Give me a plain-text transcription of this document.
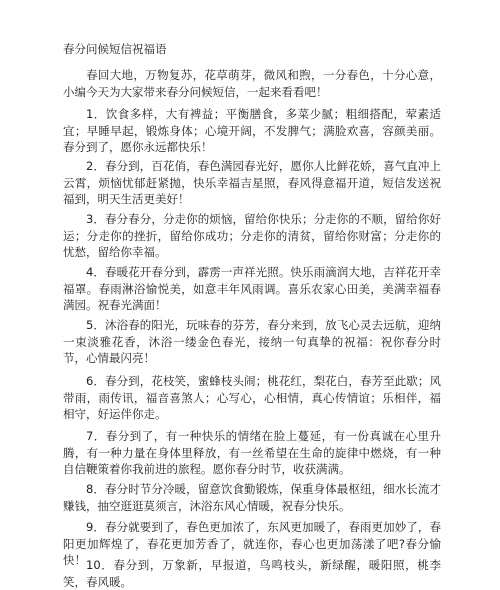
春分问候短信祝福语

春回大地，万物复苏，花草萌芽，微风和煦，一分春色，十分心意，小编今天为大家带来春分问候短信，一起来看看吧！

1．饮食多样，大有裨益；平衡膳食，多菜少腻；粗细搭配，荤素适宜；早睡早起，锻炼身体；心境开阔，不发脾气；满脸欢喜，容颜美丽。春分到了，愿你永远都快乐！

2．春分到，百花俏，春色满园春光好，愿你人比鲜花娇，喜气直冲上云霄，烦恼忧郁赶紧抛，快乐幸福吉星照，春风得意福开道，短信发送祝福到，明天生活更美好！

3．春分春分，分走你的烦恼，留给你快乐；分走你的不顺，留给你好运；分走你的挫折，留给你成功；分走你的清贫，留给你财富；分走你的忧愁，留给你幸福。

4．春暖花开春分到，霹雳一声祥光照。快乐雨滴润大地，吉祥花开幸福罩。春雨淋浴愉悦美，如意丰年风雨调。喜乐农家心田美，美满幸福春满园。祝春光满面！

5．沐浴春的阳光，玩味春的芬芳，春分来到，放飞心灵去远航，迎纳一束淡雅花香，沐浴一缕金色春光，接纳一句真挚的祝福：祝你春分时节，心情最闪亮！

6．春分到，花枝笑，蜜蜂枝头闹；桃花红，梨花白，春芳至此歇；风带雨，雨传讯，福音喜煞人；心写心，心相情，真心传情谊；乐相伴，福相守，好运伴你走。

7．春分到了，有一种快乐的情绪在脸上蔓延，有一份真诚在心里升腾，有一种力量在身体里释放，有一丝希望在生命的旋律中燃烧，有一种自信鞭策着你我前进的旅程。愿你春分时节，收获满满。

8．春分时节分冷暖，留意饮食勤锻炼，保重身体最枢纽，细水长流才赚钱，抽空逛逛莫须言，沐浴东风心情暖，祝春分快乐。

9．春分就要到了，春色更加浓了，东风更加暖了，春雨更加妙了，春阳更加辉煌了，春花更加芳香了，就连你，春心也更加荡漾了吧?春分愉快！ 10．春分到，万象新，早报道，鸟鸣枝头，新绿醒，暖阳照，桃李笑，春风暖。
